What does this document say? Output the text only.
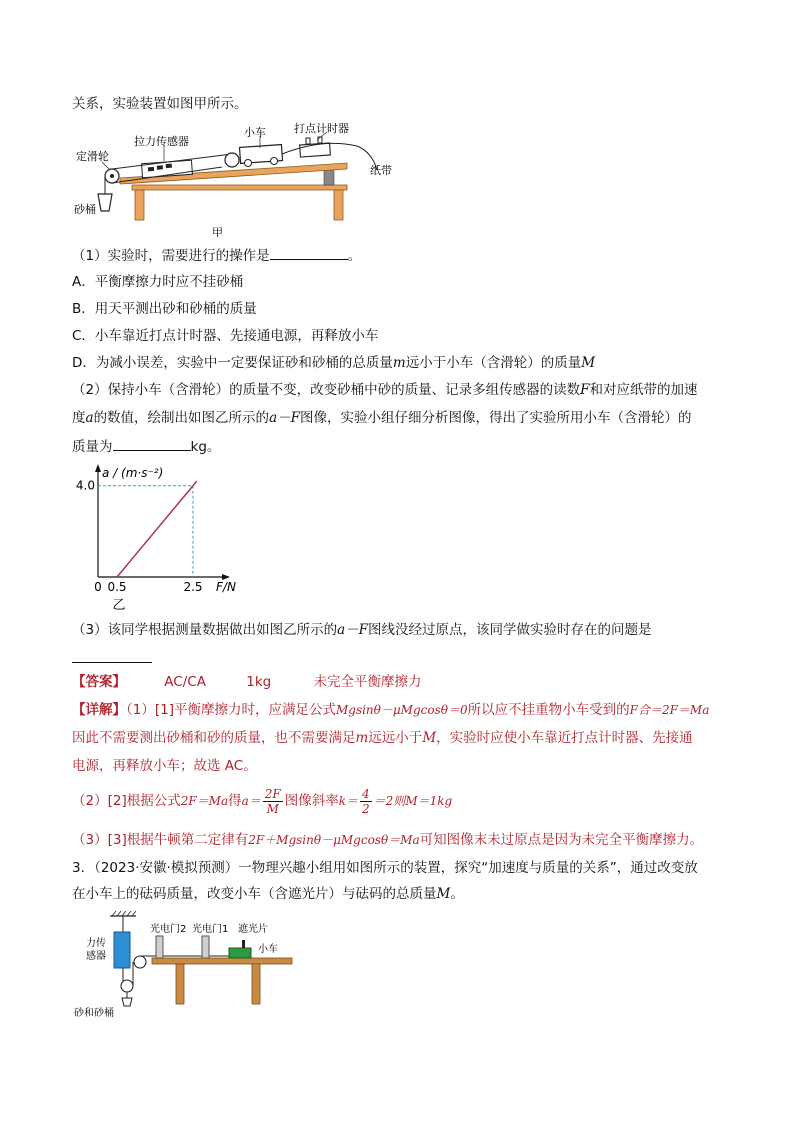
关系，实验装置如图甲所示。
定滑轮
拉力传感器
小车	打点计时器
纸带
砂桶
甲
（1）实验时，需要进行的操作是	。
A．平衡摩擦力时应不挂砂桶
B．用天平测出砂和砂桶的质量
C．小车靠近打点计时器、先接通电源，再释放小车
D．为减小误差，实验中一定要保证砂和砂桶的总质量m远小于小车（含滑轮）的质量M
（2）保持小车（含滑轮）的质量不变，改变砂桶中砂的质量、记录多组传感器的读数F和对应纸带的加速
度a的数值，绘制出如图乙所示的a－F图像，实验小组仔细分析图像，得出了实验所用小车（含滑轮）的
质量为	kg。
0 0.5	2.5
4.0
a / (m·s⁻²)
F/N
乙
（3）该同学根据测量数据做出如图乙所示的a－F图线没经过原点，该同学做实验时存在的问题是
【答案】	AC/CA	1kg	未完全平衡摩擦力
【详解】（1）[1]平衡摩擦力时，应满足公式Mgsinθ－μMgcosθ＝0所以应不挂重物小车受到的F合＝2F＝Ma
因此不需要测出砂桶和砂的质量，也不需要满足m远远小于M，实验时应使小车靠近打点计时器、先接通
电源，再释放小车；故选 AC。
（2）[2]根据公式2F＝Ma得$a= \frac{2F}{M}$ 图像斜率$k= \frac{4}{2} =2$则M＝1kg
（3）[3]根据牛顿第二定律有2F＋Mgsinθ－μMgcosθ＝Ma可知图像末未过原点是因为未完全平衡摩擦力。
3．（2023·安徽·模拟预测）一物理兴趣小组用如图所示的装置，探究“加速度与质量的关系”，通过改变放
在小车上的砝码质量，改变小车（含遮光片）与砝码的总质量M。
力传
感器
光电门2 光电门1 遮光片
小车
砂和砂桶
